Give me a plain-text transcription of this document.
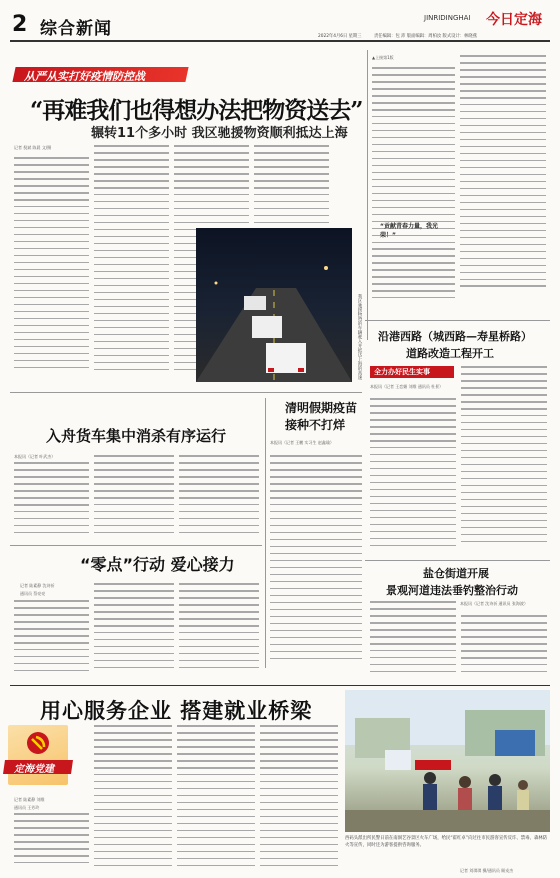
2 综合新闻
JINRIDINGHAI 今日定海
2022年4月6日 星期三	责任编辑：包 沛 版面编辑：周柏汝 版式设计：林晓燕
从严从实打好疫情防控战
“再难我们也得想办法把物资送去”
辗转11个多小时 我区驰援物资顺利抵达上海
记者 倪斌 陈晨 文/摄
我区驰援物资的车辆驶入并抵达上海的高速
▲上接第1版
“贡献青春力量，我光荣！”
沿港西路（城西路—寿星桥路）
道路改造工程开工
全力办好民生实事
本报讯（记者 王恋媚 刘维 通讯员 杜景）
入舟货车集中消杀有序运行
本报讯（记者 叶武杰）
清明假期疫苗接种不打烊
本报讯（记者 王鹏 实习生 赵鑫瑜）
“零点”行动 爱心接力
记者 陆素静 沈诗祈
通讯员 蔡亮亮
盐仓街道开展
景观河道违法垂钓整治行动
本报讯（记者 沈诗祈 通讯员 张海波）
用心服务企业 搭建就业桥梁
定海党建
记者 陆素静 刘维
通讯员 王芳玲
西码头派出所民警日前在南洞艺谷景区火车广场，给民“霍红卓”向过往市民游客宣传反诈、禁毒、森林防火等宣传，同时还为游客提供咨询服务。
记者 刘琪琪 摄/通讯员 顾戎杰
